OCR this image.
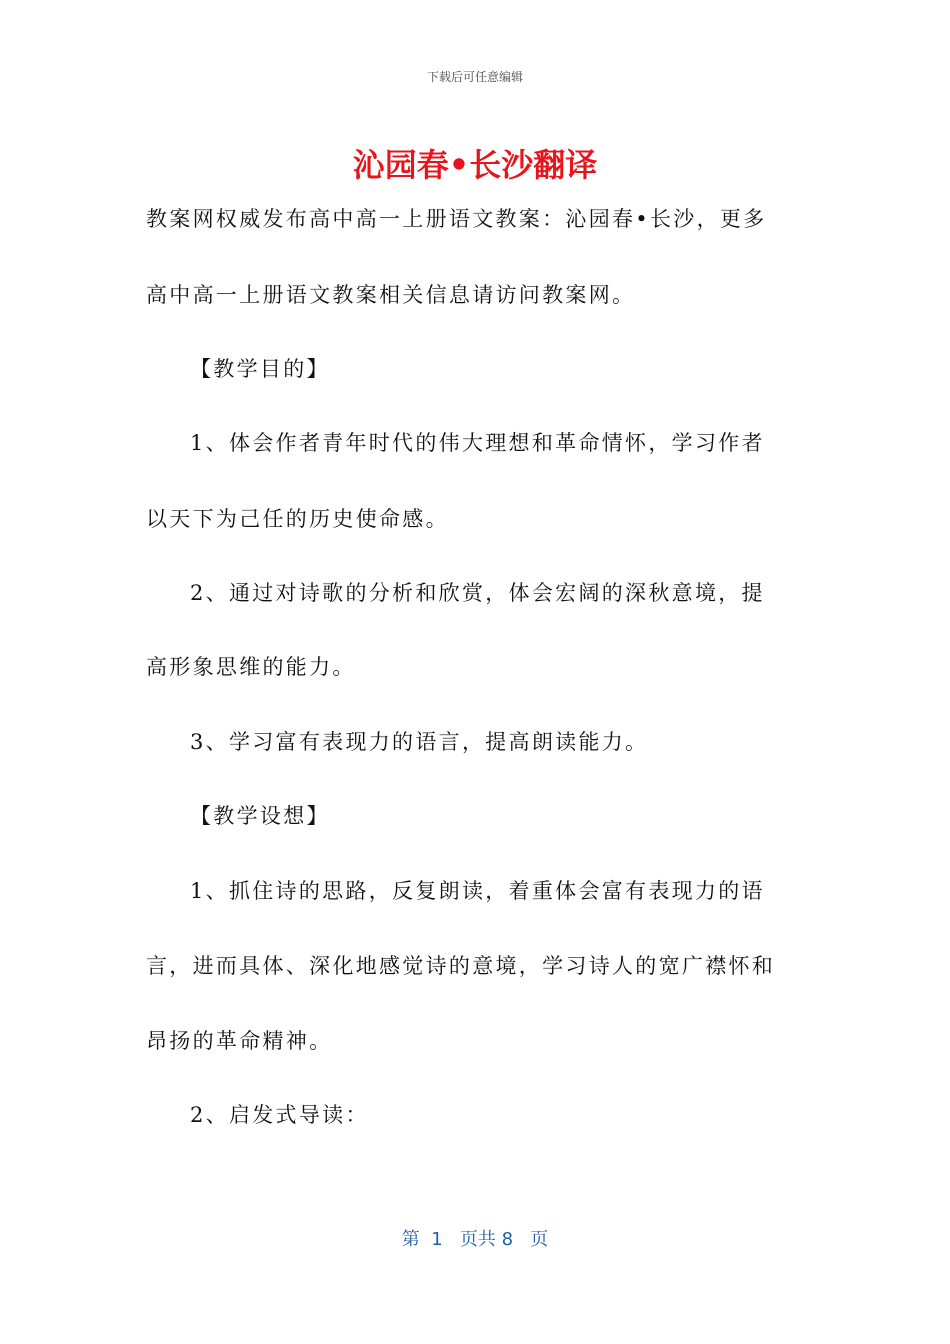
下载后可任意编辑
沁园春•长沙翻译
教案网权威发布高中高一上册语文教案：沁园春•长沙，更多
高中高一上册语文教案相关信息请访问教案网。
【教学目的】
1、体会作者青年时代的伟大理想和革命情怀，学习作者
以天下为己任的历史使命感。
2、通过对诗歌的分析和欣赏，体会宏阔的深秋意境，提
高形象思维的能力。
3、学习富有表现力的语言，提高朗读能力。
【教学设想】
1、抓住诗的思路，反复朗读，着重体会富有表现力的语
言，进而具体、深化地感觉诗的意境，学习诗人的宽广襟怀和
昂扬的革命精神。
2、启发式导读：
第  1   页共 8   页
